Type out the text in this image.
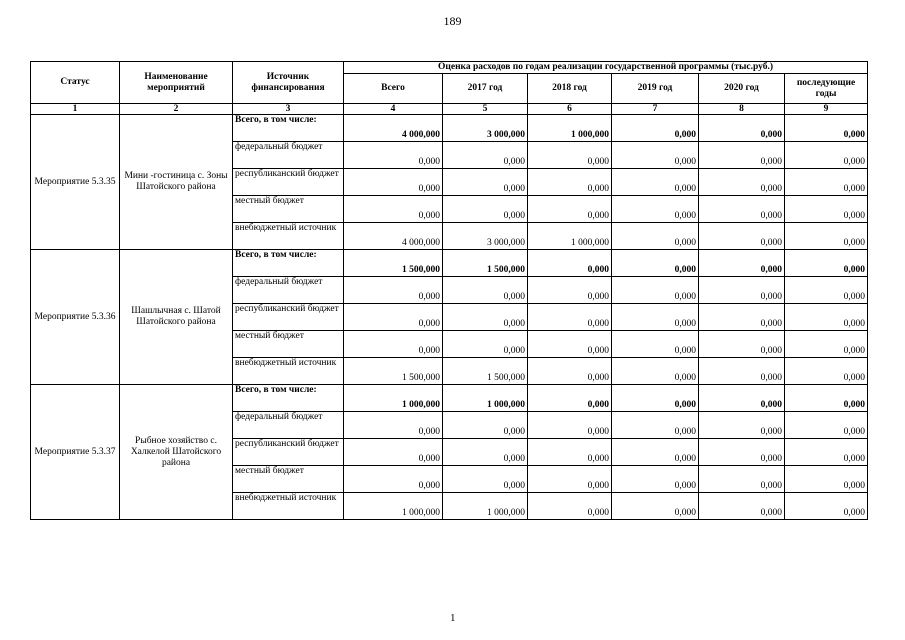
189
Статус	Наименование мероприятий	Источник финансирования	Оценка расходов по годам реализации государственной программы (тыс.руб.)					
			Всего	2017 год	2018 год	2019 год	2020 год	последующие годы
1	2	3	4	5	6	7	8	9
Мероприятие 5.3.35	Мини -гостиница с. Зоны Шатойского района	Всего, в том числе:	4 000,000	3 000,000	1 000,000	0,000	0,000	0,000
		федеральный бюджет	0,000	0,000	0,000	0,000	0,000	0,000
		республиканский бюджет	0,000	0,000	0,000	0,000	0,000	0,000
		местный бюджет	0,000	0,000	0,000	0,000	0,000	0,000
		внебюджетный источник	4 000,000	3 000,000	1 000,000	0,000	0,000	0,000
Мероприятие 5.3.36	Шашлычная с. Шатой Шатойского района	Всего, в том числе:	1 500,000	1 500,000	0,000	0,000	0,000	0,000
		федеральный бюджет	0,000	0,000	0,000	0,000	0,000	0,000
		республиканский бюджет	0,000	0,000	0,000	0,000	0,000	0,000
		местный бюджет	0,000	0,000	0,000	0,000	0,000	0,000
		внебюджетный источник	1 500,000	1 500,000	0,000	0,000	0,000	0,000
Мероприятие 5.3.37	Рыбное хозяйство с. Халкелой Шатойского района	Всего, в том числе:	1 000,000	1 000,000	0,000	0,000	0,000	0,000
		федеральный бюджет	0,000	0,000	0,000	0,000	0,000	0,000
		республиканский бюджет	0,000	0,000	0,000	0,000	0,000	0,000
		местный бюджет	0,000	0,000	0,000	0,000	0,000	0,000
		внебюджетный источник	1 000,000	1 000,000	0,000	0,000	0,000	0,000
1
